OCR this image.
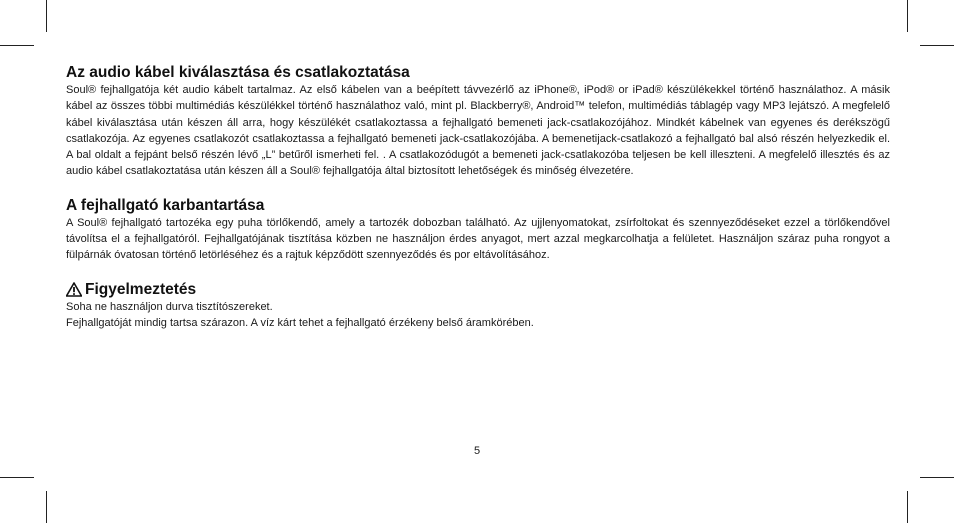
Az audio kábel kiválasztása és csatlakoztatása

Soul® fejhallgatója két audio kábelt tartalmaz. Az első kábelen van a beépített távvezérlő az iPhone®, iPod® or iPad® készülékekkel történő használathoz. A másik kábel az összes többi multimédiás készülékkel történő használathoz való, mint pl. Blackberry®, Android™ telefon, multimédiás táblagép vagy MP3 lejátszó. A megfelelő kábel kiválasztása után készen áll arra, hogy készülékét csatlakoztassa a fejhallgató bemeneti jack-csatlakozójához. Mindkét kábelnek van egyenes és derékszögű csatlakozója. Az egyenes csatlakozót csatlakoztassa a fejhallgató bemeneti jack-csatlakozójába. A bemenetijack-csatlakozó a fejhallgató bal alsó részén helyezkedik el. A bal oldalt a fejpánt belső részén lévő „L” betűről ismerheti fel. . A csatlakozódugót a bemeneti jack-csatlakozóba teljesen be kell illeszteni. A megfelelő illesztés és az audio kábel csatlakoztatása után készen áll a Soul® fejhallgatója által biztosított lehetőségek és minőség élvezetére.

A fejhallgató karbantartása

A Soul® fejhallgató tartozéka egy puha törlőkendő, amely a tartozék dobozban található. Az ujjlenyomatokat, zsírfoltokat és szennyeződéseket ezzel a törlőkendővel távolítsa el a fejhallgatóról. Fejhallgatójának tisztítása közben ne használjon érdes anyagot, mert azzal megkarcolhatja a felületet. Használjon száraz puha rongyot a fülpárnák óvatosan történő letörléséhez és a rajtuk képződött szennyeződés és por eltávolításához.

Figyelmeztetés

Soha ne használjon durva tisztítószereket.

Fejhallgatóját mindig tartsa szárazon. A víz kárt tehet a fejhallgató érzékeny belső áramkörében.

5
